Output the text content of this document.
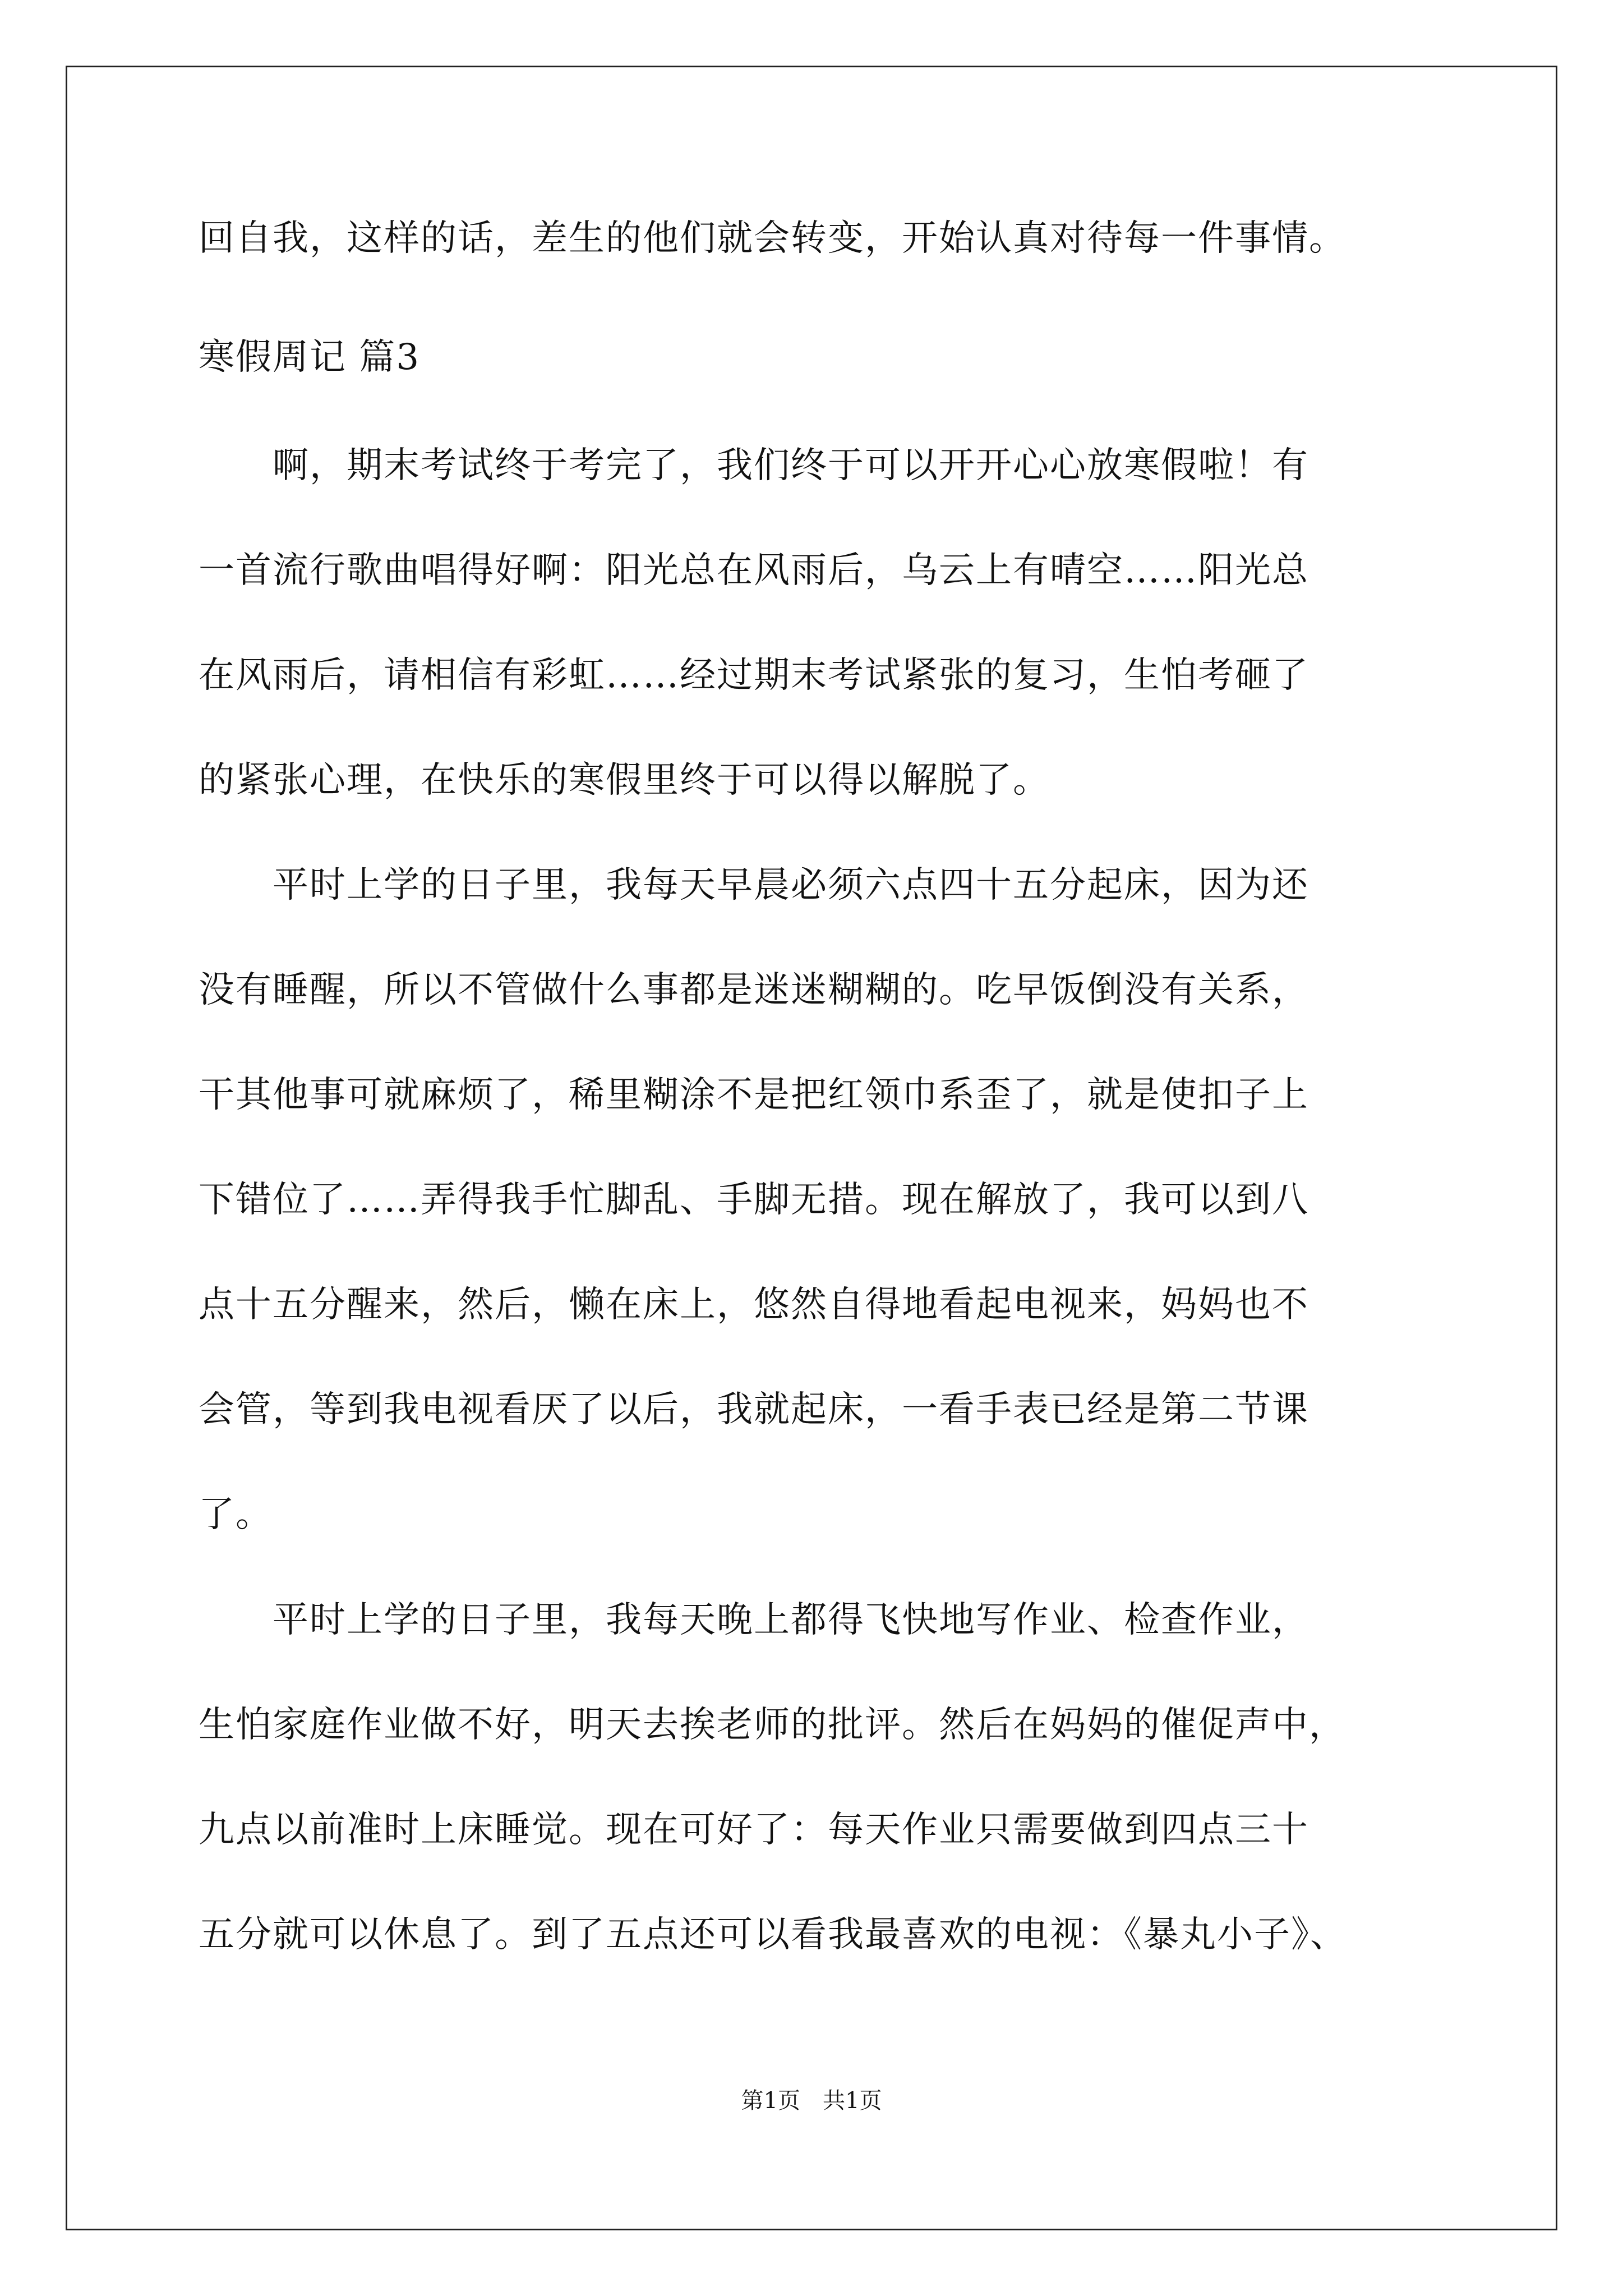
回自我，这样的话，差生的他们就会转变，开始认真对待每一件事情。
寒假周记 篇3
　　啊，期末考试终于考完了，我们终于可以开开心心放寒假啦！有
一首流行歌曲唱得好啊：阳光总在风雨后，乌云上有晴空……阳光总
在风雨后，请相信有彩虹……经过期末考试紧张的复习，生怕考砸了
的紧张心理，在快乐的寒假里终于可以得以解脱了。
　　平时上学的日子里，我每天早晨必须六点四十五分起床，因为还
没有睡醒，所以不管做什么事都是迷迷糊糊的。吃早饭倒没有关系，
干其他事可就麻烦了，稀里糊涂不是把红领巾系歪了，就是使扣子上
下错位了……弄得我手忙脚乱、手脚无措。现在解放了，我可以到八
点十五分醒来，然后，懒在床上，悠然自得地看起电视来，妈妈也不
会管，等到我电视看厌了以后，我就起床，一看手表已经是第二节课
了。
　　平时上学的日子里，我每天晚上都得飞快地写作业、检查作业，
生怕家庭作业做不好，明天去挨老师的批评。然后在妈妈的催促声中，
九点以前准时上床睡觉。现在可好了：每天作业只需要做到四点三十
五分就可以休息了。到了五点还可以看我最喜欢的电视：《暴丸小子》、
第1页 共1页
